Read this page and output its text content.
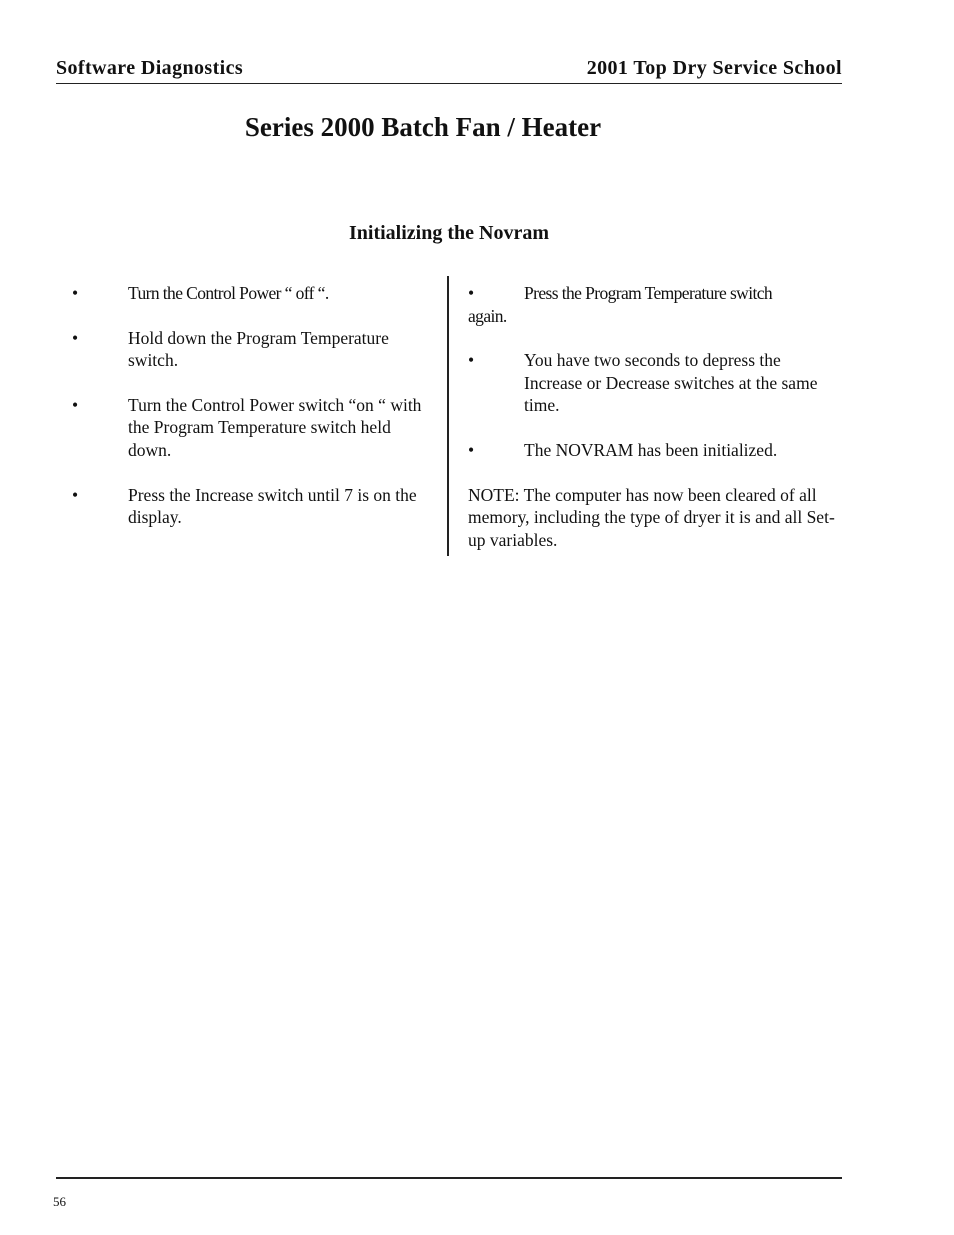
Software Diagnostics	2001 Top Dry Service School
Series 2000 Batch Fan / Heater
Initializing the Novram
•	Turn the Control Power “ off “.
•	Hold down the Program Temperature switch.
•	Turn the Control Power switch “on “ with the Program Temperature switch held down.
•	Press the Increase switch until 7 is on the display.
•	Press the Program Temperature switch again.
•	You have two seconds to depress the Increase or Decrease switches at the same time.
•	The NOVRAM has been initialized.

NOTE: The computer has now been cleared of all memory, including the type of dryer it is and all Set-up variables.

56
